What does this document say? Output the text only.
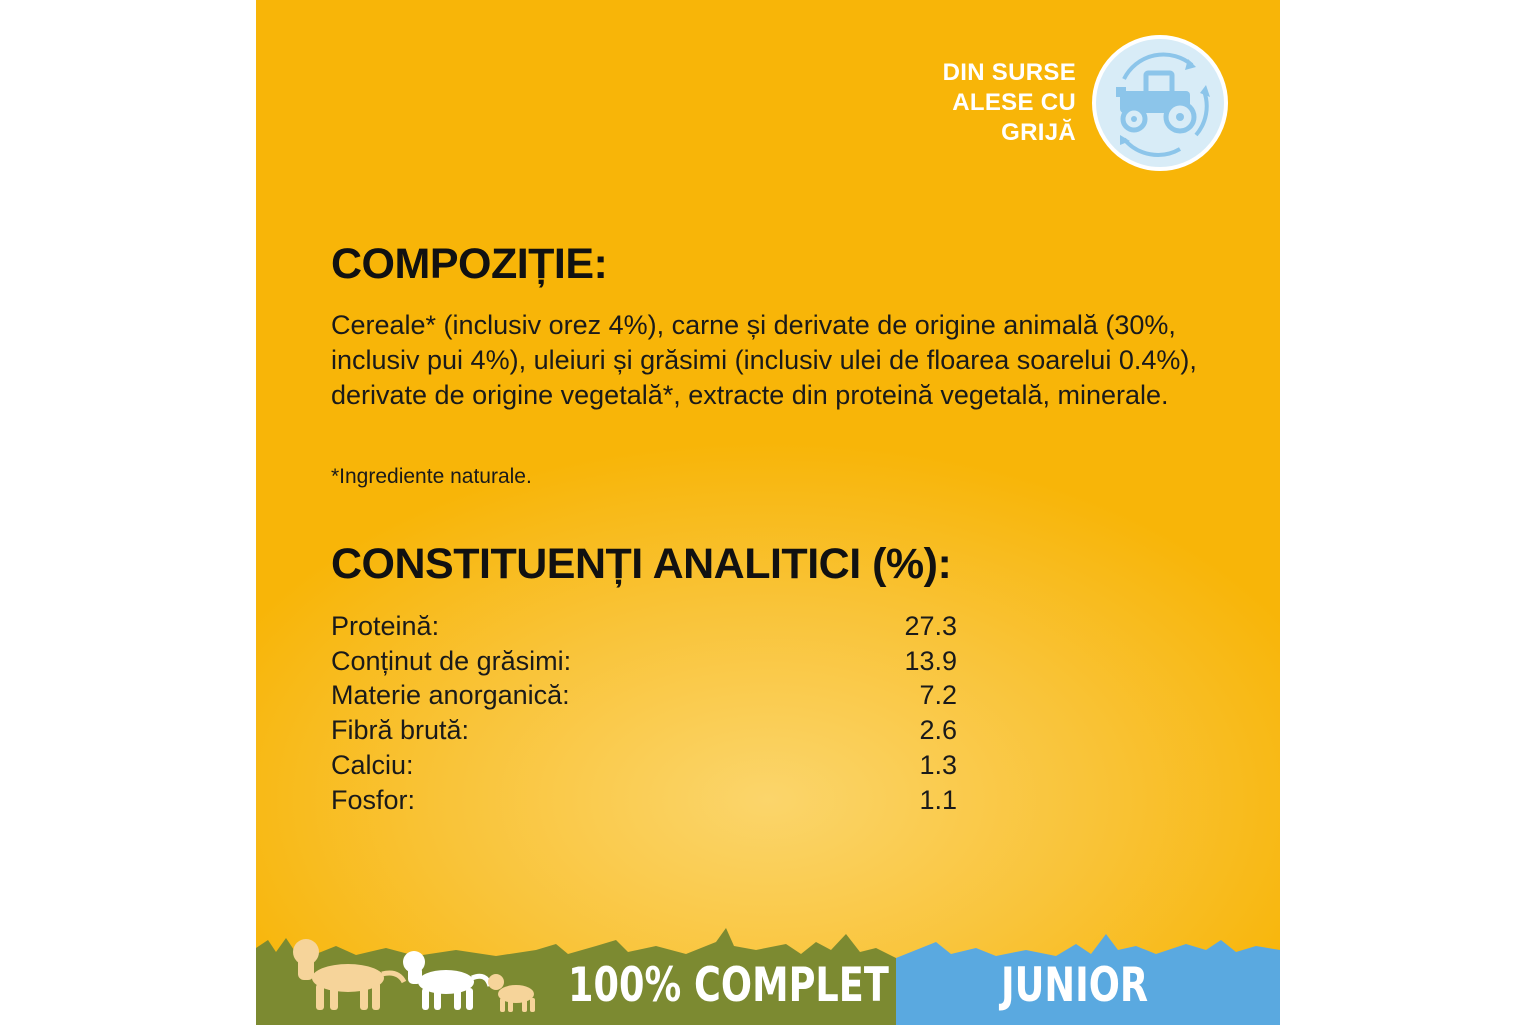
DIN SURSE
ALESE CU
GRIJĂ
COMPOZIȚIE:

Cereale* (inclusiv orez 4%), carne și derivate de origine animală (30%, inclusiv pui 4%), uleiuri și grăsimi (inclusiv ulei de floarea soarelui 0.4%), derivate de origine vegetală*, extracte din proteină vegetală, minerale.

*Ingrediente naturale.

CONSTITUENȚI ANALITICI (%):
Proteină:	27.3
Conținut de grăsimi:	13.9
Materie anorganică:	7.2
Fibră brută:	2.6
Calciu:	1.3
Fosfor:	1.1

100% COMPLET JUNIOR
